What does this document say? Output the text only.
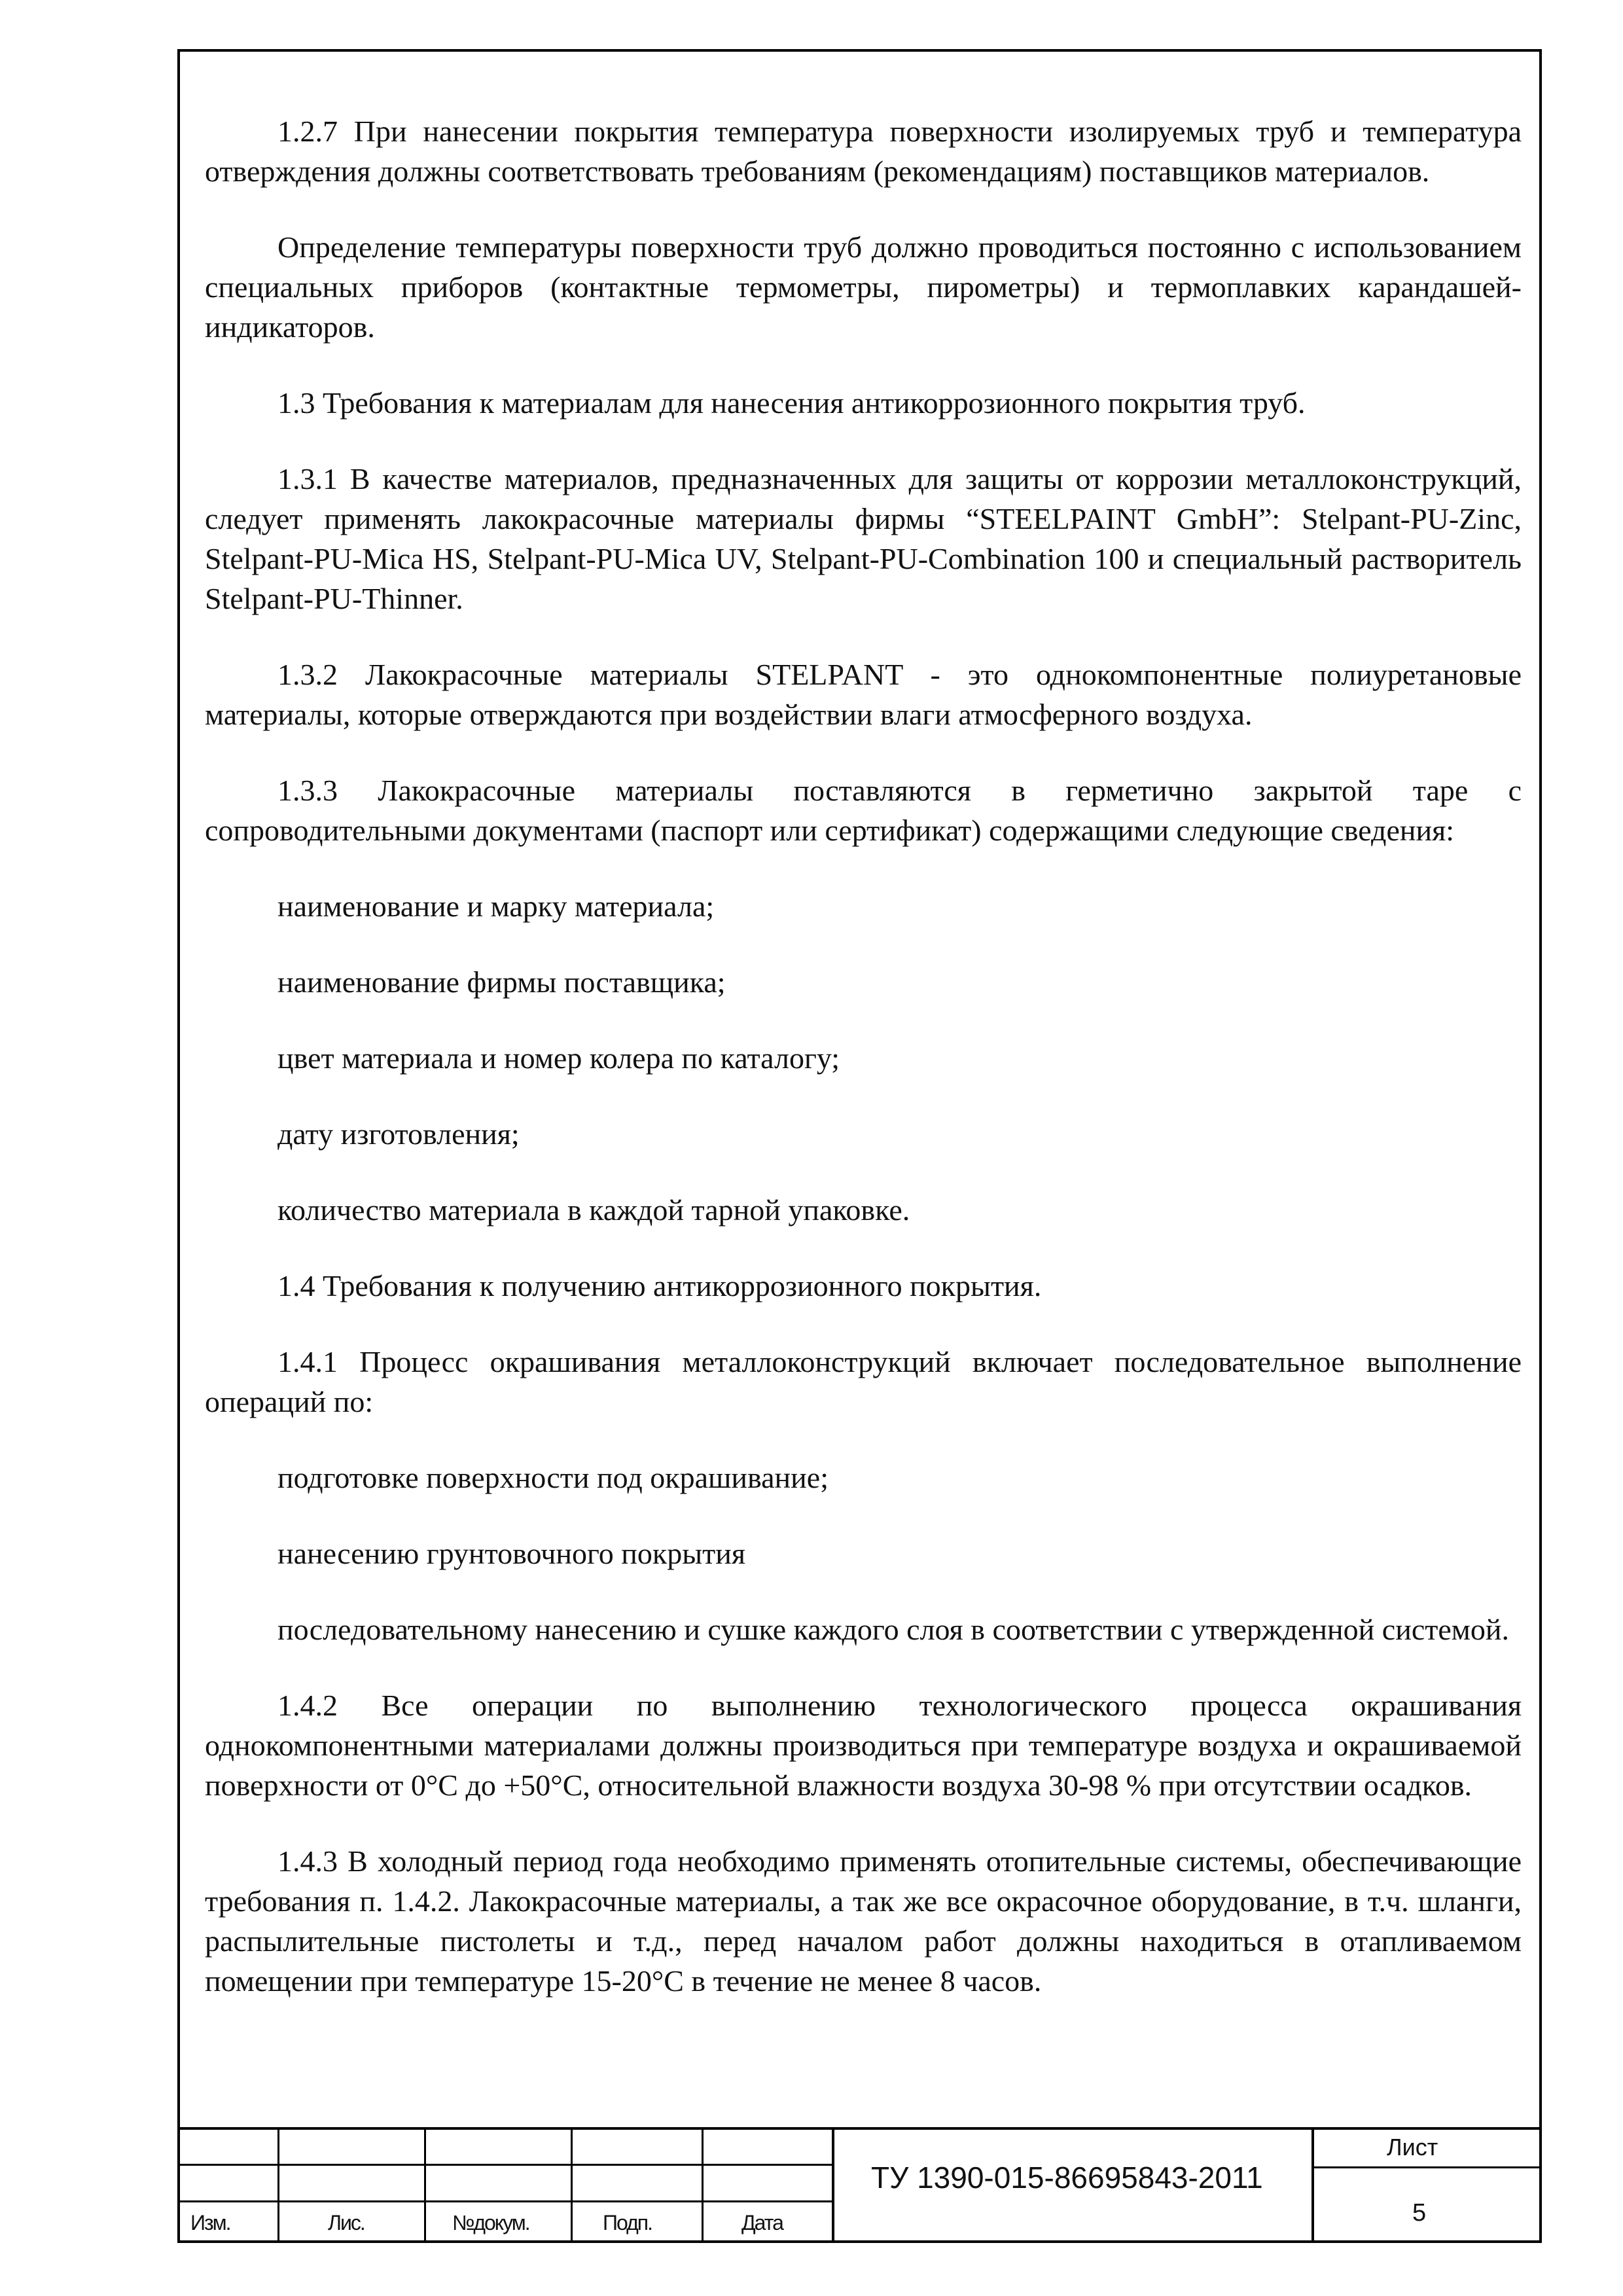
1.2.7 При нанесении покрытия температура поверхности изолируемых труб и температура отверждения должны соответствовать требованиям (рекомендациям) поставщиков материалов.

Определение температуры поверхности труб должно проводиться постоянно с использованием специальных приборов (контактные термометры, пирометры) и термоплавких карандашей-индикаторов.

1.3 Требования к материалам для нанесения антикоррозионного покрытия труб.

1.3.1 В качестве материалов, предназначенных для защиты от коррозии металлоконструкций, следует применять лакокрасочные материалы фирмы “STEELPAINT GmbH”: Stelpant-PU-Zinc, Stelpant-PU-Mica HS, Stelpant-PU-Mica UV, Stelpant-PU-Combination 100 и специальный растворитель Stelpant-PU-Thinner.

1.3.2 Лакокрасочные материалы STELPANT - это однокомпонентные полиуретановые материалы, которые отверждаются при воздействии влаги атмосферного воздуха.

1.3.3 Лакокрасочные материалы поставляются в герметично закрытой таре с сопроводительными документами (паспорт или сертификат) содержащими следующие сведения:

наименование и марку материала;

наименование фирмы поставщика;

цвет материала и номер колера по каталогу;

дату изготовления;

количество материала в каждой тарной упаковке.

1.4 Требования к получению антикоррозионного покрытия.

1.4.1 Процесс окрашивания металлоконструкций включает последовательное выполнение операций по:

подготовке поверхности под окрашивание;

нанесению грунтовочного покрытия

последовательному нанесению и сушке каждого слоя в соответствии с утвержденной системой.

1.4.2 Все операции по выполнению технологического процесса окрашивания однокомпонентными материалами должны производиться при температуре воздуха и окрашиваемой поверхности от 0°С до +50°С, относительной влажности воздуха 30-98 % при отсутствии осадков.

1.4.3 В холодный период года необходимо применять отопительные системы, обеспечивающие требования п. 1.4.2. Лакокрасочные материалы, а так же все окрасочное оборудование, в т.ч. шланги, распылительные пистолеты и т.д., перед началом работ должны находиться в отапливаемом помещении при температуре 15-20°С в течение не менее 8 часов.

Изм.	Лис.	№докум.	Подп.	Дата
ТУ 1390-015-86695843-2011
Лист
5
